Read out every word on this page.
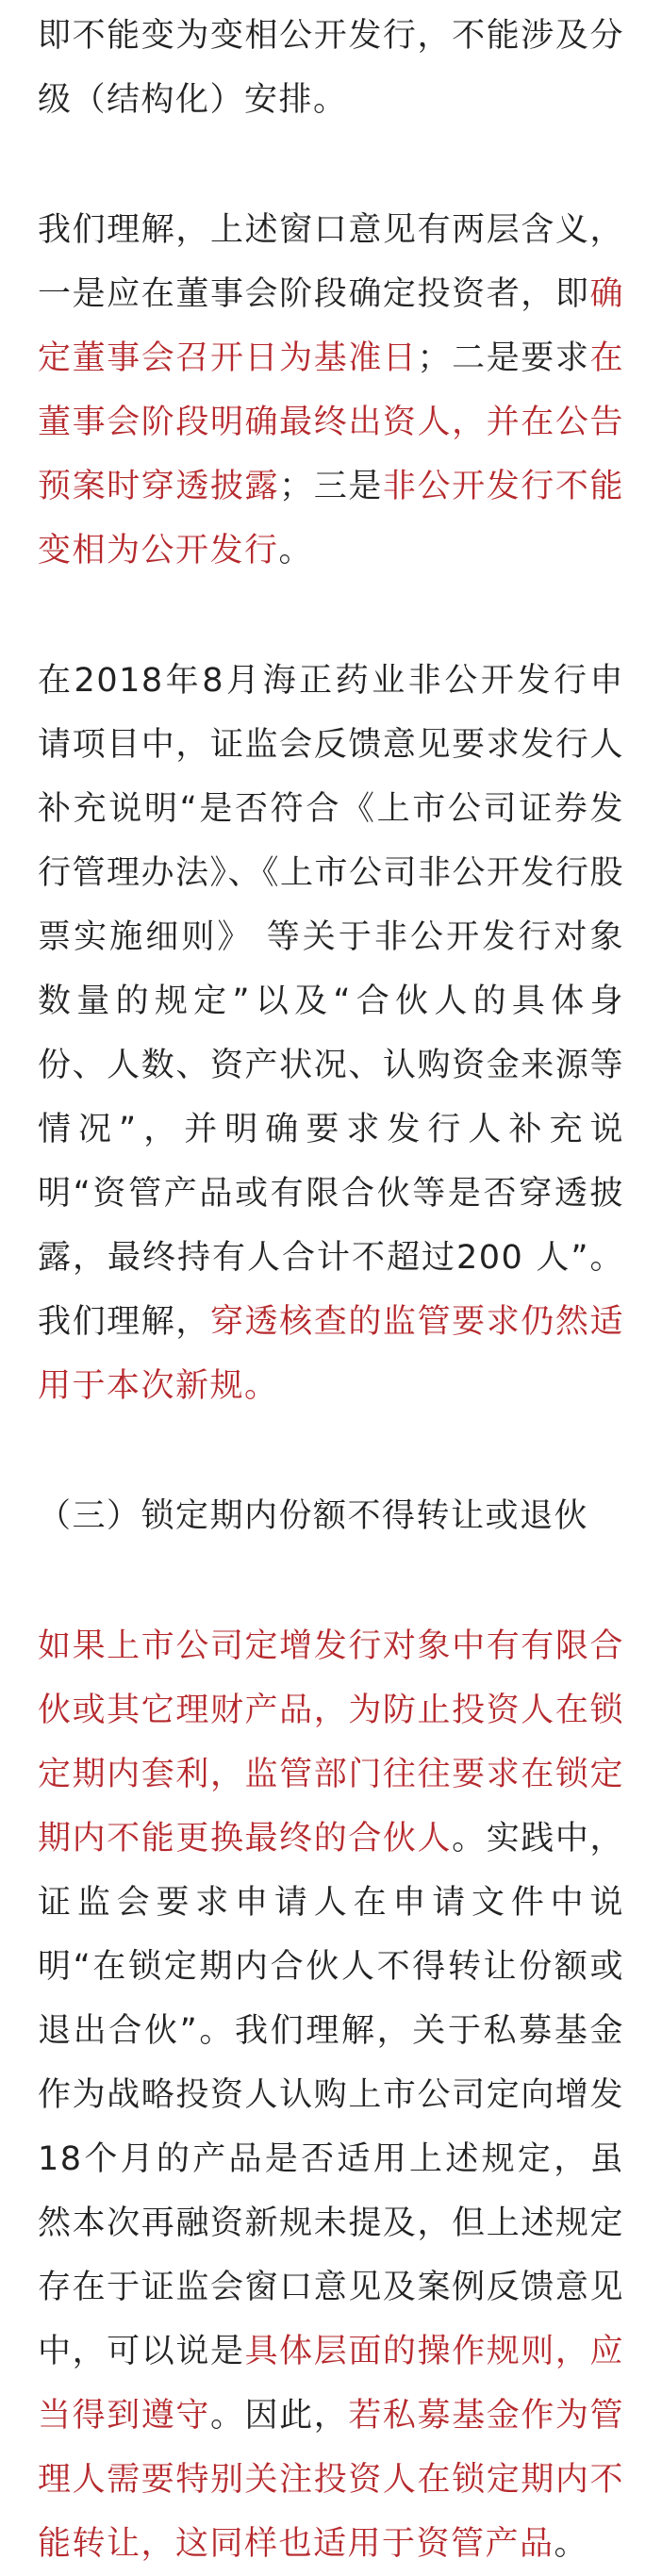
即不能变为变相公开发行，不能涉及分级（结构化）安排。

我们理解，上述窗口意见有两层含义，一是应在董事会阶段确定投资者，即确定董事会召开日为基准日；二是要求在董事会阶段明确最终出资人，并在公告预案时穿透披露；三是非公开发行不能变相为公开发行。

在2018年8月海正药业非公开发行申请项目中，证监会反馈意见要求发行人补充说明“是否符合《上市公司证券发行管理办法》、《上市公司非公开发行股票实施细则》 等关于非公开发行对象数量的规定”以及“合伙人的具体身份、人数、资产状况、认购资金来源等情况”，并明确要求发行人补充说明“资管产品或有限合伙等是否穿透披露，最终持有人合计不超过200 人”。我们理解，穿透核查的监管要求仍然适用于本次新规。

（三）锁定期内份额不得转让或退伙

如果上市公司定增发行对象中有有限合伙或其它理财产品，为防止投资人在锁定期内套利，监管部门往往要求在锁定期内不能更换最终的合伙人。实践中，证监会要求申请人在申请文件中说明“在锁定期内合伙人不得转让份额或退出合伙”。我们理解，关于私募基金作为战略投资人认购上市公司定向增发18个月的产品是否适用上述规定，虽然本次再融资新规未提及，但上述规定存在于证监会窗口意见及案例反馈意见中，可以说是具体层面的操作规则，应当得到遵守。因此，若私募基金作为管理人需要特别关注投资人在锁定期内不能转让，这同样也适用于资管产品。
